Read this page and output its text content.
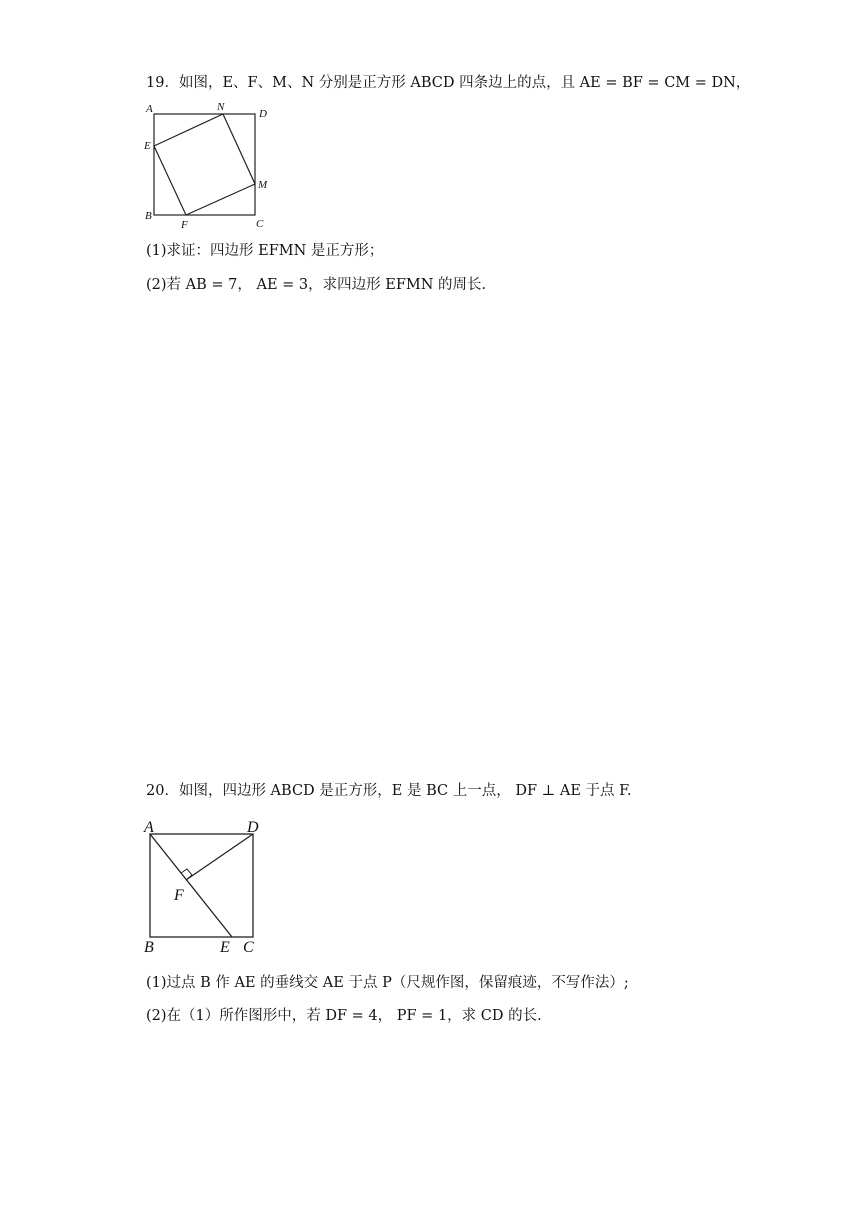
19．如图，E、F、M、N 分别是正方形 ABCD 四条边上的点，且 AE = BF = CM = DN，
A	N
D
E
M
B
F	C
(1)求证：四边形 EFMN 是正方形；
(2)若 AB = 7， AE = 3，求四边形 EFMN 的周长.
20．如图，四边形 ABCD 是正方形，E 是 BC 上一点， DF ⊥ AE 于点 F.
A	D
F
B	E C
(1)过点 B 作 AE 的垂线交 AE 于点 P（尺规作图，保留痕迹，不写作法）;
(2)在（1）所作图形中，若 DF = 4， PF = 1，求 CD 的长.
